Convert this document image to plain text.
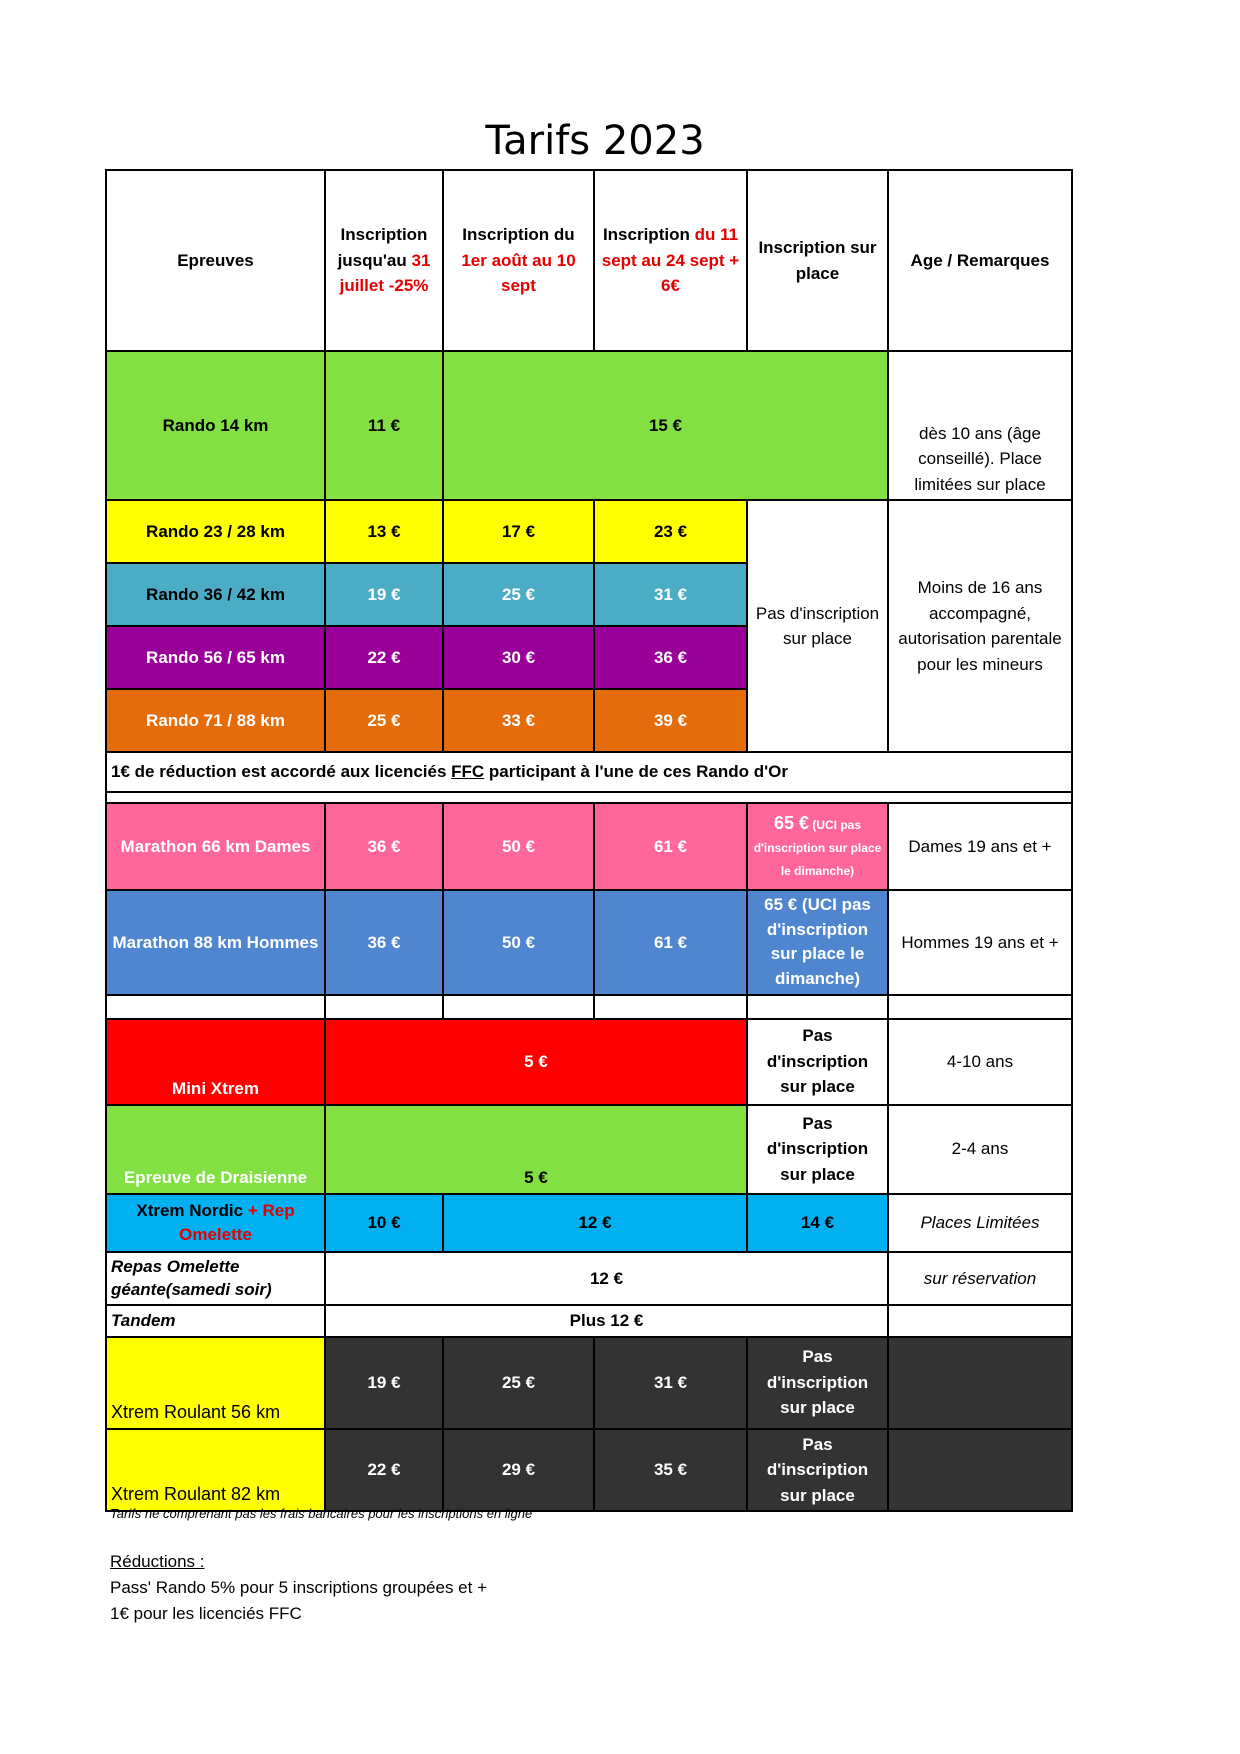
Tarifs 2023
Epreuves	Inscription jusqu'au 31 juillet -25%	Inscription du 1er août au 10 sept	Inscription du 11 sept au 24 sept + 6€	Inscription sur place	Age / Remarques
Rando 14 km	11 €	15 €			dès 10 ans (âge conseillé). Place limitées sur place
Rando 23 / 28 km	13 €	17 €	23 €	Pas d'inscription sur place	Moins de 16 ans accompagné, autorisation parentale pour les mineurs
Rando 36 / 42 km	19 €	25 €	31 €		
Rando 56 / 65 km	22 €	30 €	36 €		
Rando 71 / 88 km	25 €	33 €	39 €		
1€ de réduction est accordé aux licenciés FFC participant à l'une de ces Rando d'Or					

Marathon 66 km Dames	36 €	50 €	61 €	65 € (UCI pas d'inscription sur place le dimanche)	Dames 19 ans et +
Marathon 88 km Hommes	36 €	50 €	61 €	65 € (UCI pas d'inscription sur place le dimanche)	Hommes 19 ans et +

Mini Xtrem	5 €			Pas d'inscription sur place	4-10 ans
Epreuve de Draisienne	5 €			Pas d'inscription sur place	2-4 ans
Xtrem Nordic + Rep Omelette	10 €	12 €		14 €	Places Limitées
Repas Omelette géante(samedi soir)	12 €				sur réservation
Tandem	Plus 12 €				
Xtrem Roulant 56 km	19 €	25 €	31 €	Pas d'inscription sur place	
Xtrem Roulant 82 km	22 €	29 €	35 €	Pas d'inscription sur place	
Tarifs ne comprenant pas les frais bancaires pour les inscriptions en ligne
Réductions :
Pass' Rando 5% pour 5 inscriptions groupées et +
1€ pour les licenciés FFC
